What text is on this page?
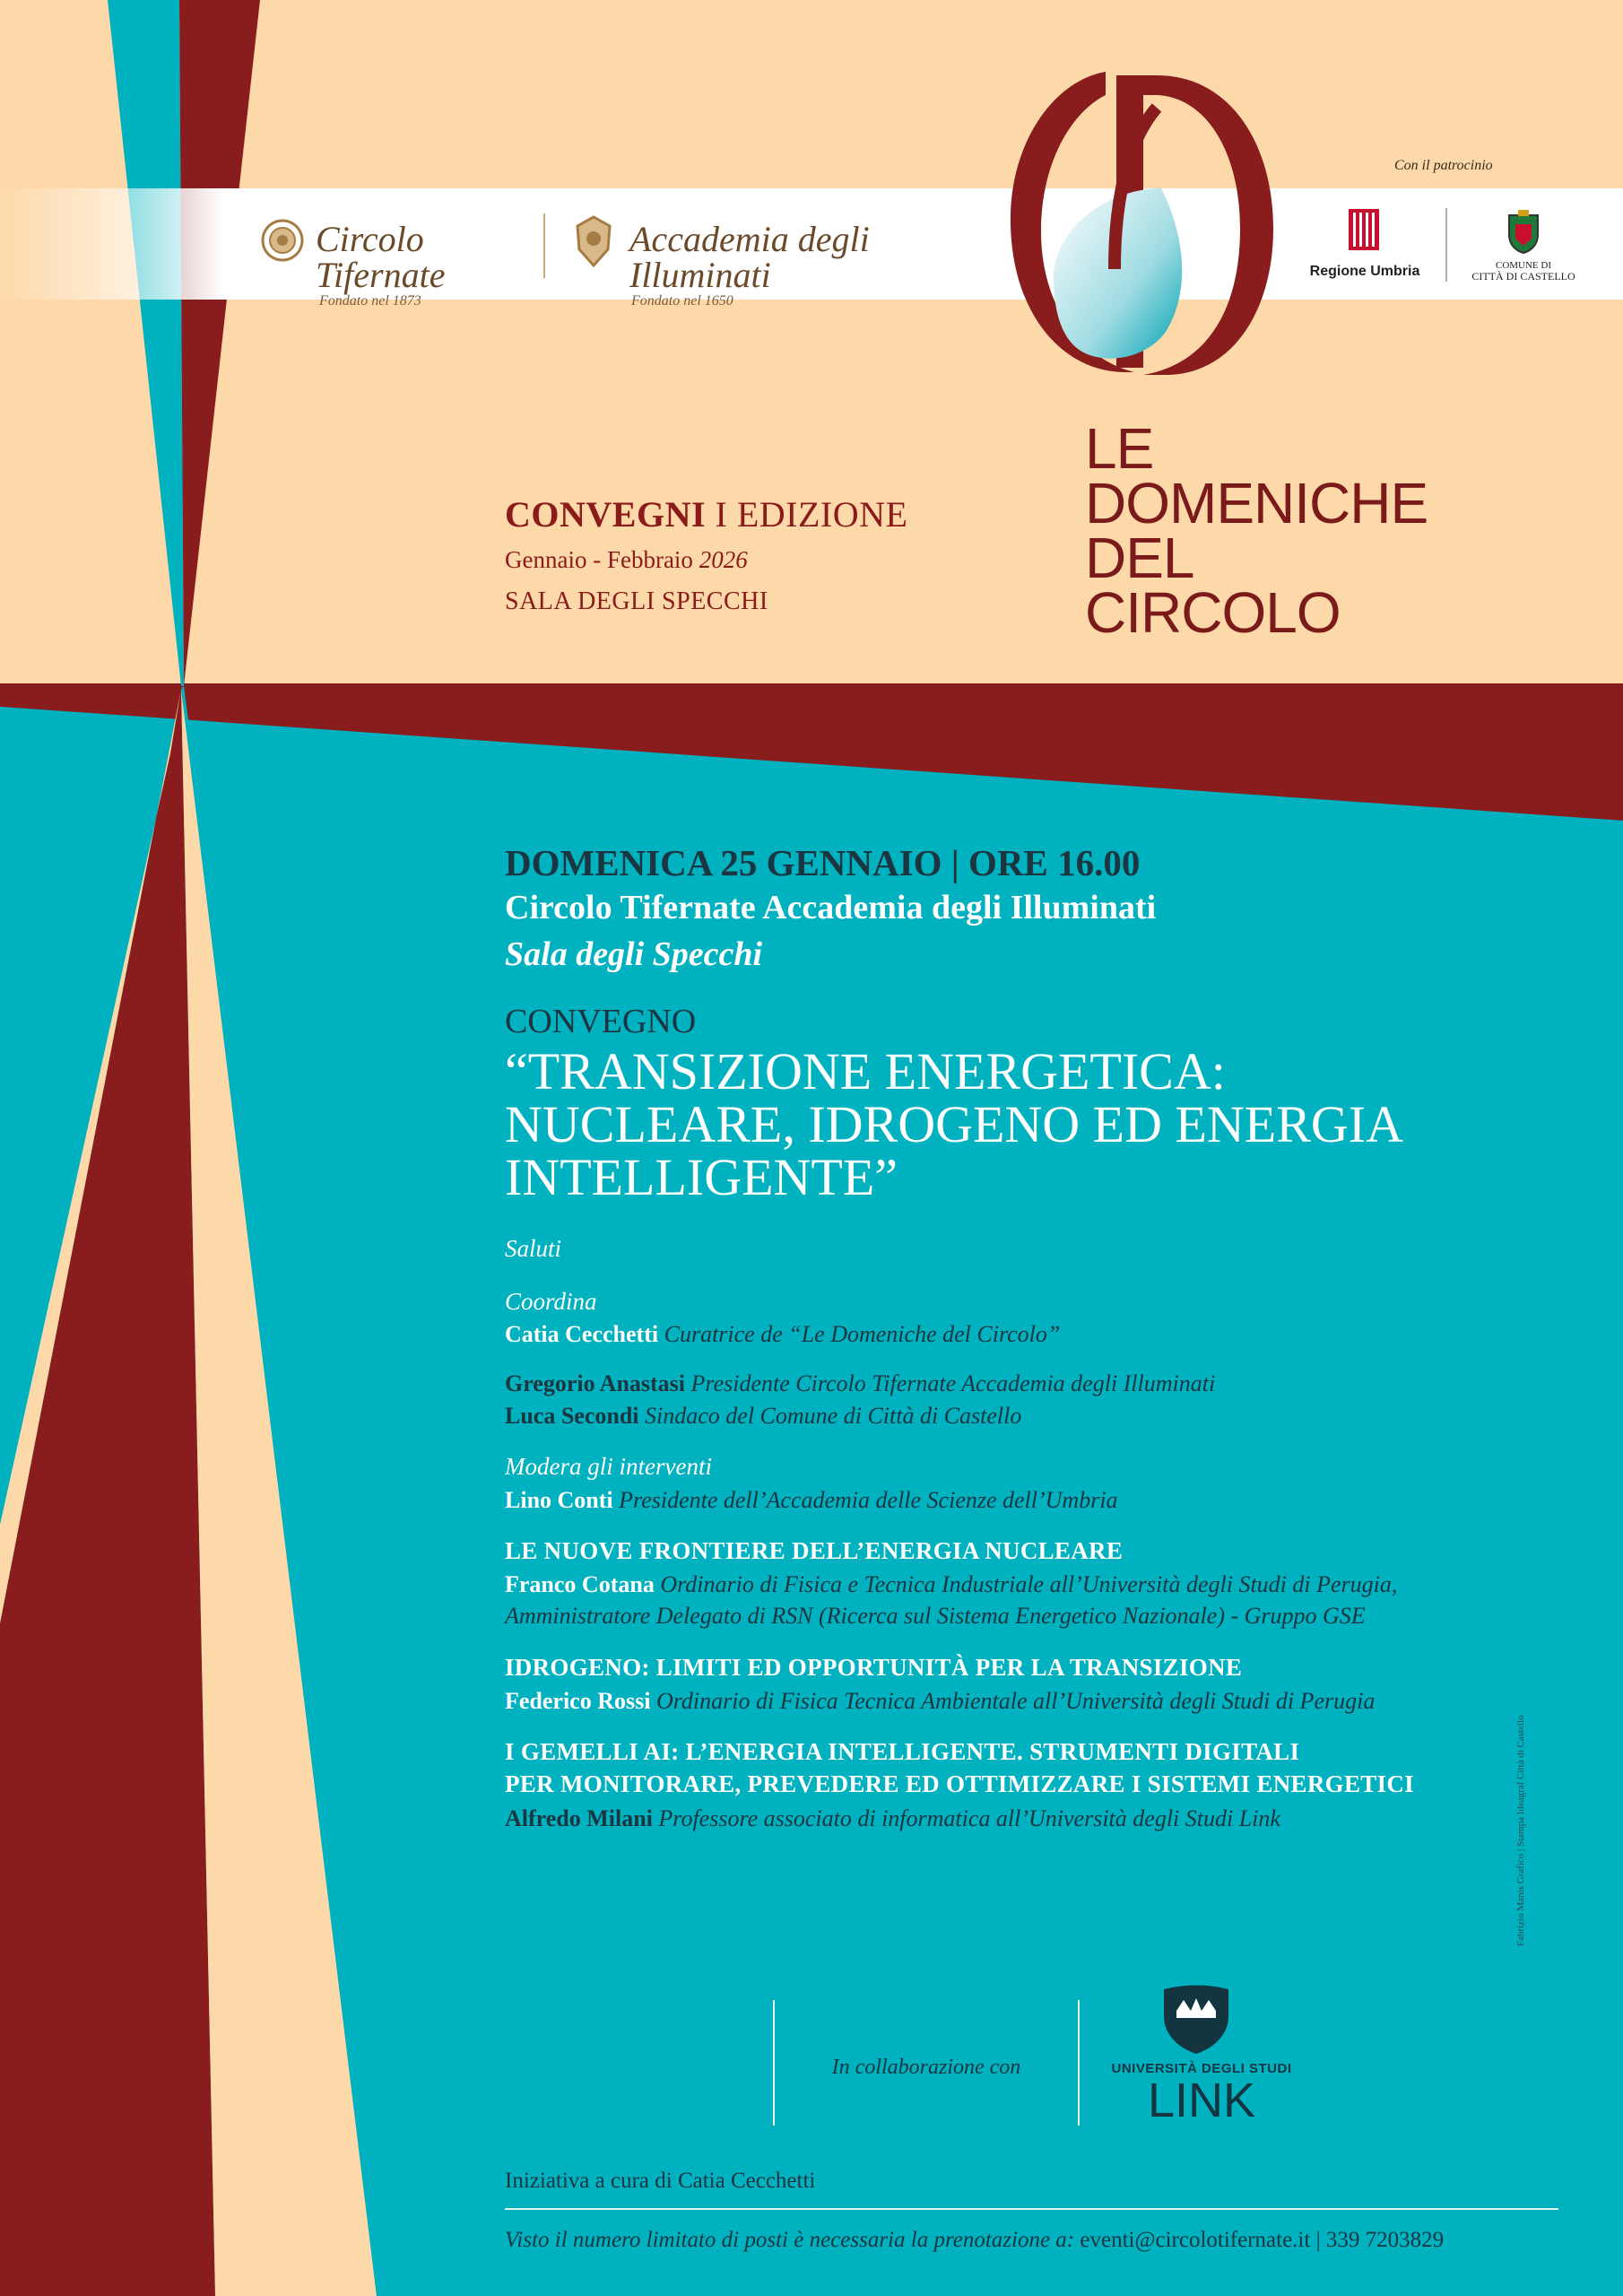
Circolo Tifernate
Fondato nel 1873
Accademia degli Illuminati
Fondato nel 1650
Con il patrocinio
Regione Umbria	COMUNE DI
CITTÀ DI CASTELLO
LE
DOMENICHE
DEL
CIRCOLO
CONVEGNI I EDIZIONE
Gennaio - Febbraio 2026
SALA DEGLI SPECCHI
DOMENICA 25 GENNAIO | ORE 16.00
Circolo Tifernate Accademia degli Illuminati
Sala degli Specchi
CONVEGNO
“TRANSIZIONE ENERGETICA:
NUCLEARE, IDROGENO ED ENERGIA
INTELLIGENTE”
Saluti
Coordina
Catia Cecchetti Curatrice de “Le Domeniche del Circolo”
Gregorio Anastasi Presidente Circolo Tifernate Accademia degli Illuminati
Luca Secondi Sindaco del Comune di Città di Castello
Modera gli interventi
Lino Conti Presidente dell’Accademia delle Scienze dell’Umbria
LE NUOVE FRONTIERE DELL’ENERGIA NUCLEARE
Franco Cotana Ordinario di Fisica e Tecnica Industriale all’Università degli Studi di Perugia,
Amministratore Delegato di RSN (Ricerca sul Sistema Energetico Nazionale) - Gruppo GSE
IDROGENO: LIMITI ED OPPORTUNITÀ PER LA TRANSIZIONE
Federico Rossi Ordinario di Fisica Tecnica Ambientale all’Università degli Studi di Perugia
I GEMELLI AI: L’ENERGIA INTELLIGENTE. STRUMENTI DIGITALI
PER MONITORARE, PREVEDERE ED OTTIMIZZARE I SISTEMI ENERGETICI
Alfredo Milani Professore associato di informatica all’Università degli Studi Link
In collaborazione con	UNIVERSITÀ DEGLI STUDI
LINK
Iniziativa a cura di Catia Cecchetti
Visto il numero limitato di posti è necessaria la prenotazione a: eventi@circolotifernate.it | 339 7203829
Fabrizio Manis Grafico | Stampa Ideagraf Città di Castello
